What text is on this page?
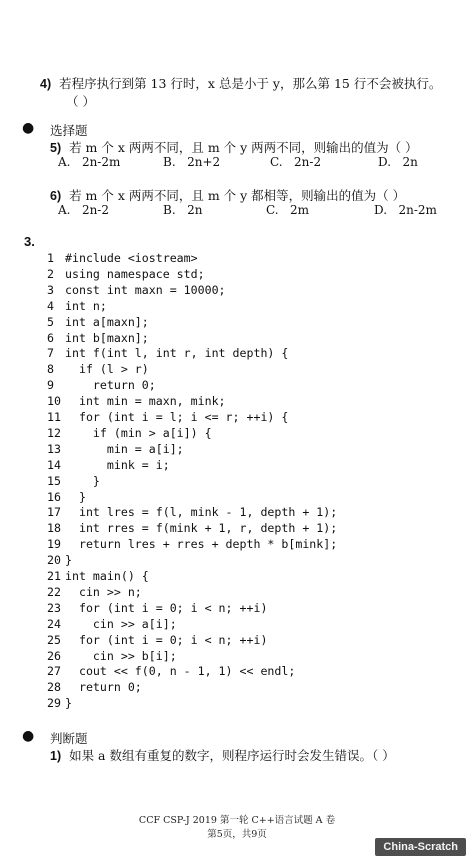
4) 若程序执行到第 13 行时，x 总是小于 y，那么第 15 行不会被执行。
（ ）
● 选择题
5) 若 m 个 x 两两不同，且 m 个 y 两两不同，则输出的值为（ ）
A. 2n-2m	B. 2n+2	C. 2n-2	D. 2n
6) 若 m 个 x 两两不同，且 m 个 y 都相等，则输出的值为（ ）
A. 2n-2	B. 2n	C. 2m	D. 2n-2m
3.
1 #include <iostream>
2 using namespace std;
3 const int maxn = 10000;
4 int n;
5 int a[maxn];
6 int b[maxn];
7 int f(int l, int r, int depth) {
8  if (l > r)
9    return 0;
10  int min = maxn, mink;
11  for (int i = l; i <= r; ++i) {
12    if (min > a[i]) {
13      min = a[i];
14      mink = i;
15    }
16  }
17  int lres = f(l, mink - 1, depth + 1);
18  int rres = f(mink + 1, r, depth + 1);
19  return lres + rres + depth * b[mink];
20 }
21 int main() {
22  cin >> n;
23  for (int i = 0; i < n; ++i)
24    cin >> a[i];
25  for (int i = 0; i < n; ++i)
26    cin >> b[i];
27  cout << f(0, n - 1, 1) << endl;
28  return 0;
29 }
● 判断题
1) 如果 a 数组有重复的数字，则程序运行时会发生错误。（ ）
CCF CSP-J 2019 第一轮 C++语言试题 A 卷
第5页，共9页
China-Scratch
